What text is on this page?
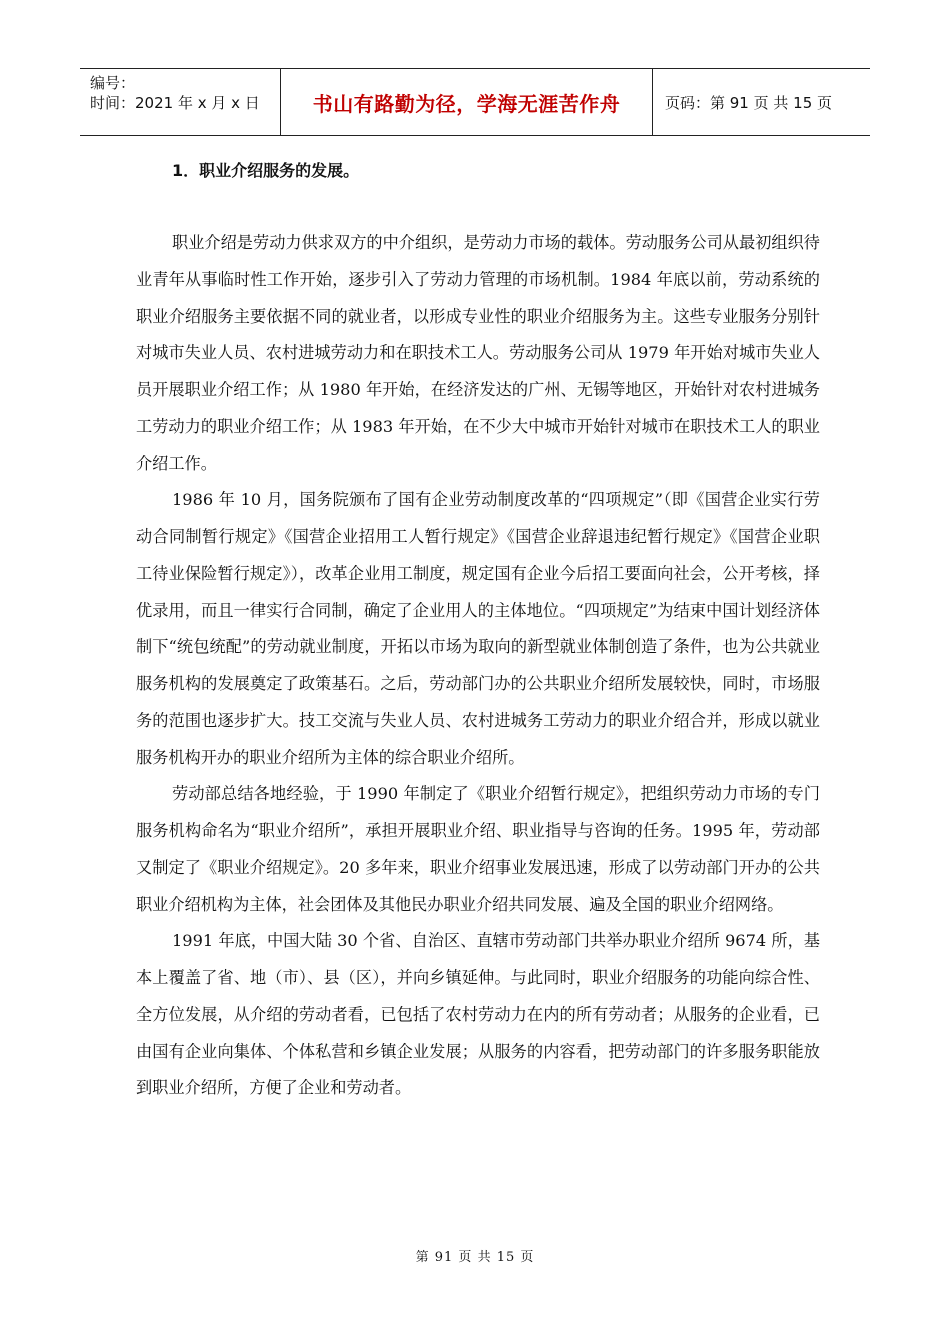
编号：
时间：2021 年 x 月 x 日	书山有路勤为径，学海无涯苦作舟	页码：第 91 页 共 15 页
1．职业介绍服务的发展。

职业介绍是劳动力供求双方的中介组织，是劳动力市场的载体。劳动服务公司从最初组织待业青年从事临时性工作开始，逐步引入了劳动力管理的市场机制。1984 年底以前，劳动系统的职业介绍服务主要依据不同的就业者，以形成专业性的职业介绍服务为主。这些专业服务分别针对城市失业人员、农村进城劳动力和在职技术工人。劳动服务公司从 1979 年开始对城市失业人员开展职业介绍工作；从 1980 年开始，在经济发达的广州、无锡等地区，开始针对农村进城务工劳动力的职业介绍工作；从 1983 年开始，在不少大中城市开始针对城市在职技术工人的职业介绍工作。

1986 年 10 月，国务院颁布了国有企业劳动制度改革的“四项规定”（即《国营企业实行劳动合同制暂行规定》《国营企业招用工人暂行规定》《国营企业辞退违纪暂行规定》《国营企业职工待业保险暂行规定》），改革企业用工制度，规定国有企业今后招工要面向社会，公开考核，择优录用，而且一律实行合同制，确定了企业用人的主体地位。“四项规定”为结束中国计划经济体制下“统包统配”的劳动就业制度，开拓以市场为取向的新型就业体制创造了条件，也为公共就业服务机构的发展奠定了政策基石。之后，劳动部门办的公共职业介绍所发展较快，同时，市场服务的范围也逐步扩大。技工交流与失业人员、农村进城务工劳动力的职业介绍合并，形成以就业服务机构开办的职业介绍所为主体的综合职业介绍所。

劳动部总结各地经验，于 1990 年制定了《职业介绍暂行规定》，把组织劳动力市场的专门服务机构命名为“职业介绍所”，承担开展职业介绍、职业指导与咨询的任务。1995 年，劳动部又制定了《职业介绍规定》。20 多年来，职业介绍事业发展迅速，形成了以劳动部门开办的公共职业介绍机构为主体，社会团体及其他民办职业介绍共同发展、遍及全国的职业介绍网络。

1991 年底，中国大陆 30 个省、自治区、直辖市劳动部门共举办职业介绍所 9674 所，基本上覆盖了省、地（市）、县（区），并向乡镇延伸。与此同时，职业介绍服务的功能向综合性、全方位发展，从介绍的劳动者看，已包括了农村劳动力在内的所有劳动者；从服务的企业看，已由国有企业向集体、个体私营和乡镇企业发展；从服务的内容看，把劳动部门的许多服务职能放到职业介绍所，方便了企业和劳动者。

第 91 页 共 15 页
